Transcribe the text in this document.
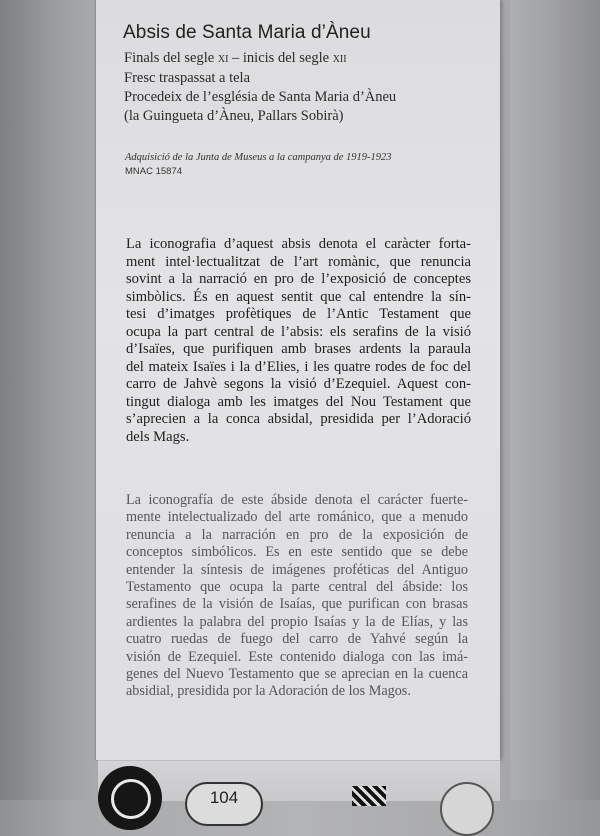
Absis de Santa Maria d’Àneu
Finals del segle xi – inicis del segle xii
Fresc traspassat a tela
Procedeix de l’església de Santa Maria d’Àneu
(la Guingueta d’Àneu, Pallars Sobirà)
Adquisició de la Junta de Museus a la campanya de 1919-1923
MNAC 15874
La iconografia d’aquest absis denota el caràcter forta-
ment intel·lectualitzat de l’art romànic, que renuncia
sovint a la narració en pro de l’exposició de conceptes
simbòlics. És en aquest sentit que cal entendre la sín-
tesi d’imatges profètiques de l’Antic Testament que
ocupa la part central de l’absis: els serafins de la visió
d’Isaïes, que purifiquen amb brases ardents la paraula
del mateix Isaïes i la d’Elies, i les quatre rodes de foc del
carro de Jahvè segons la visió d’Ezequiel. Aquest con-
tingut dialoga amb les imatges del Nou Testament que
s’aprecien a la conca absidal, presidida per l’Adoració
dels Mags.
La iconografía de este ábside denota el carácter fuerte-
mente intelectualizado del arte románico, que a menudo
renuncia a la narración en pro de la exposición de
conceptos simbólicos. Es en este sentido que se debe
entender la síntesis de imágenes proféticas del Antiguo
Testamento que ocupa la parte central del ábside: los
serafines de la visión de Isaías, que purifican con brasas
ardientes la palabra del propio Isaías y la de Elías, y las
cuatro ruedas de fuego del carro de Yahvé según la
visión de Ezequiel. Este contenido dialoga con las imá-
genes del Nuevo Testamento que se aprecian en la cuenca
absidial, presidida por la Adoración de los Magos.
104
